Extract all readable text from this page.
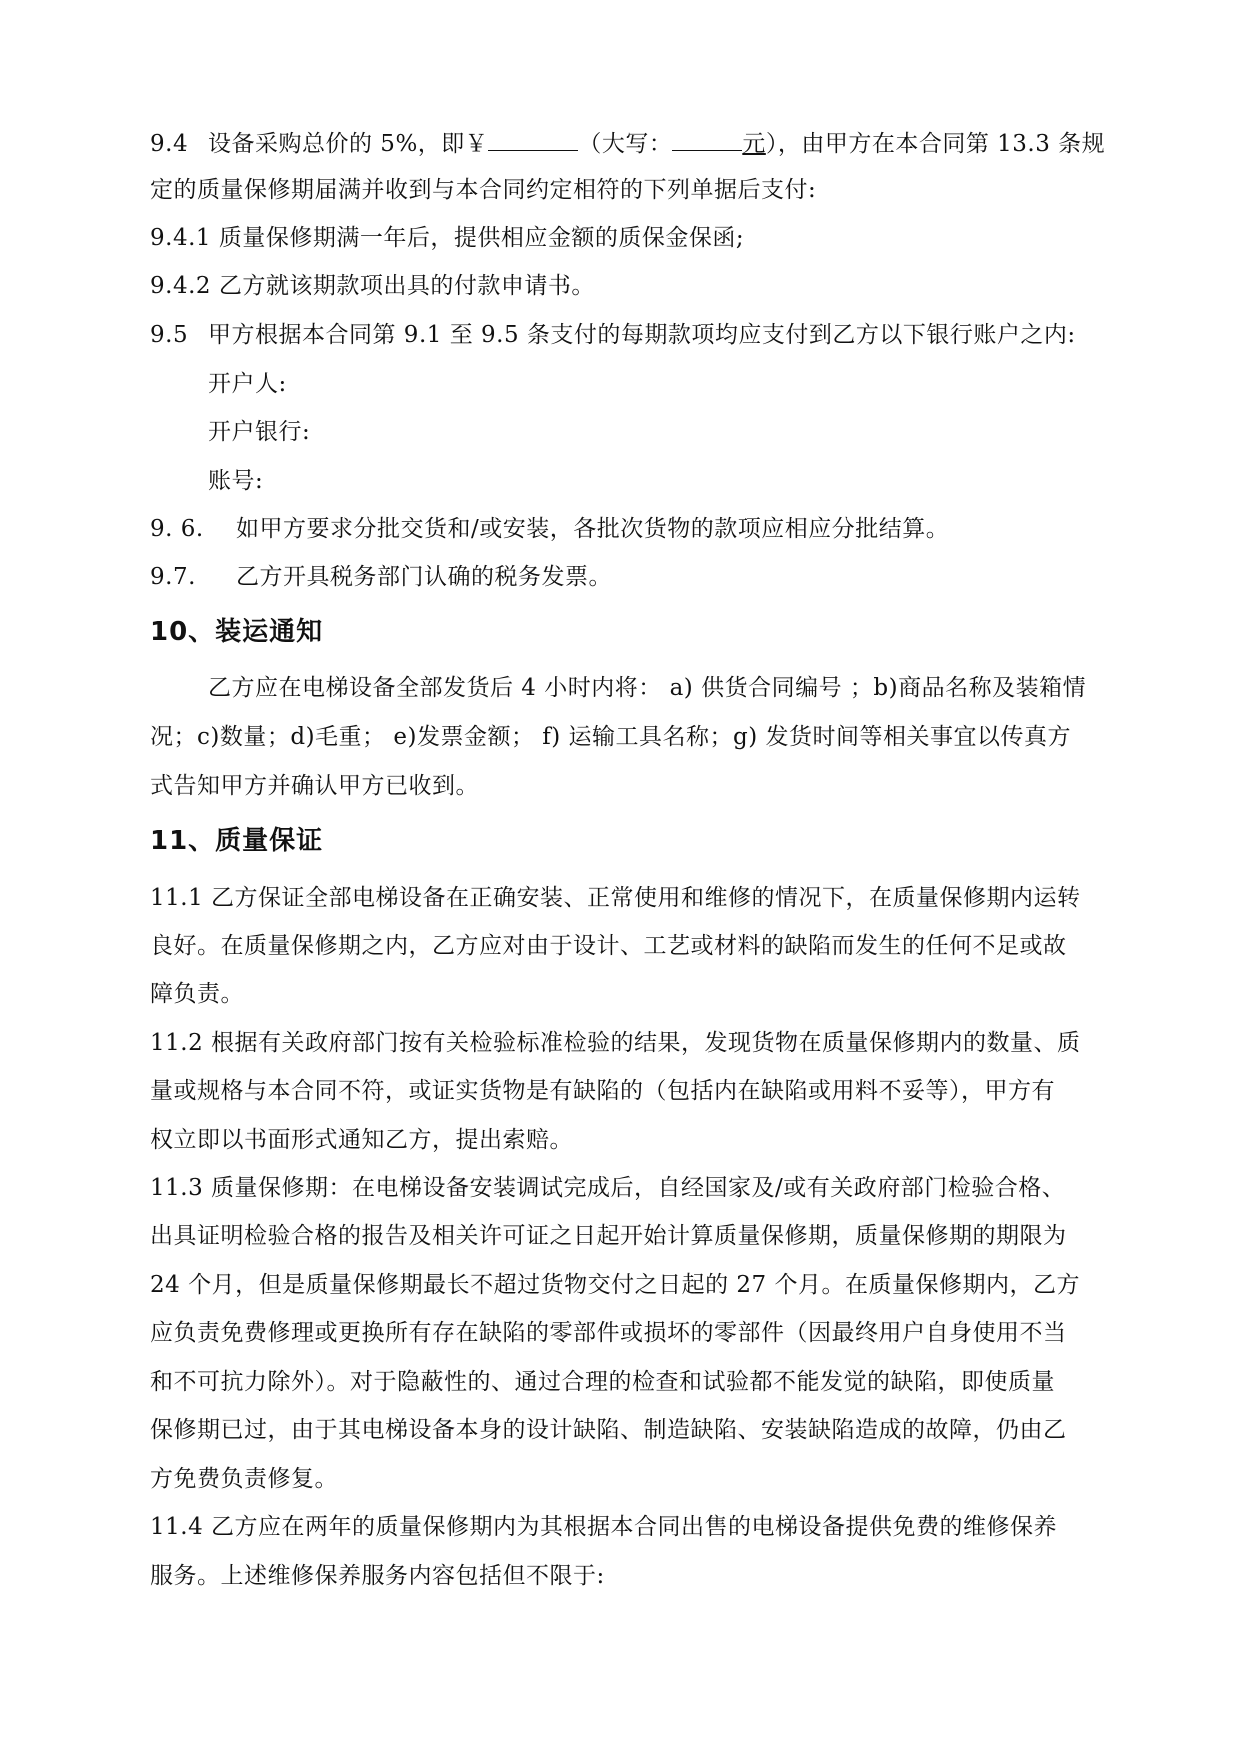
9.4 设备采购总价的 5%，即￥	（大写：	元），由甲方在本合同第 13.3 条规
定的质量保修期届满并收到与本合同约定相符的下列单据后支付:
9.4.1 质量保修期满一年后，提供相应金额的质保金保函;
9.4.2 乙方就该期款项出具的付款申请书。
9.5 甲方根据本合同第 9.1 至 9.5 条支付的每期款项均应支付到乙方以下银行账户之内:
开户人:
开户银行:
账号:
9. 6. 如甲方要求分批交货和/或安装，各批次货物的款项应相应分批结算。
9.7. 乙方开具税务部门认确的税务发票。
10、装运通知
乙方应在电梯设备全部发货后 4 小时内将： a) 供货合同编号 ；b)商品名称及装箱情
况；c)数量；d)毛重； e)发票金额； f) 运输工具名称；g) 发货时间等相关事宜以传真方
式告知甲方并确认甲方已收到。
11、质量保证
11.1 乙方保证全部电梯设备在正确安装、正常使用和维修的情况下，在质量保修期内运转
良好。在质量保修期之内，乙方应对由于设计、工艺或材料的缺陷而发生的任何不足或故
障负责。
11.2 根据有关政府部门按有关检验标准检验的结果，发现货物在质量保修期内的数量、质
量或规格与本合同不符，或证实货物是有缺陷的（包括内在缺陷或用料不妥等），甲方有
权立即以书面形式通知乙方，提出索赔。
11.3 质量保修期：在电梯设备安装调试完成后，自经国家及/或有关政府部门检验合格、
出具证明检验合格的报告及相关许可证之日起开始计算质量保修期，质量保修期的期限为
24 个月，但是质量保修期最长不超过货物交付之日起的 27 个月。在质量保修期内，乙方
应负责免费修理或更换所有存在缺陷的零部件或损坏的零部件（因最终用户自身使用不当
和不可抗力除外）。对于隐蔽性的、通过合理的检查和试验都不能发觉的缺陷，即使质量
保修期已过，由于其电梯设备本身的设计缺陷、制造缺陷、安装缺陷造成的故障，仍由乙
方免费负责修复。
11.4 乙方应在两年的质量保修期内为其根据本合同出售的电梯设备提供免费的维修保养
服务。上述维修保养服务内容包括但不限于:
